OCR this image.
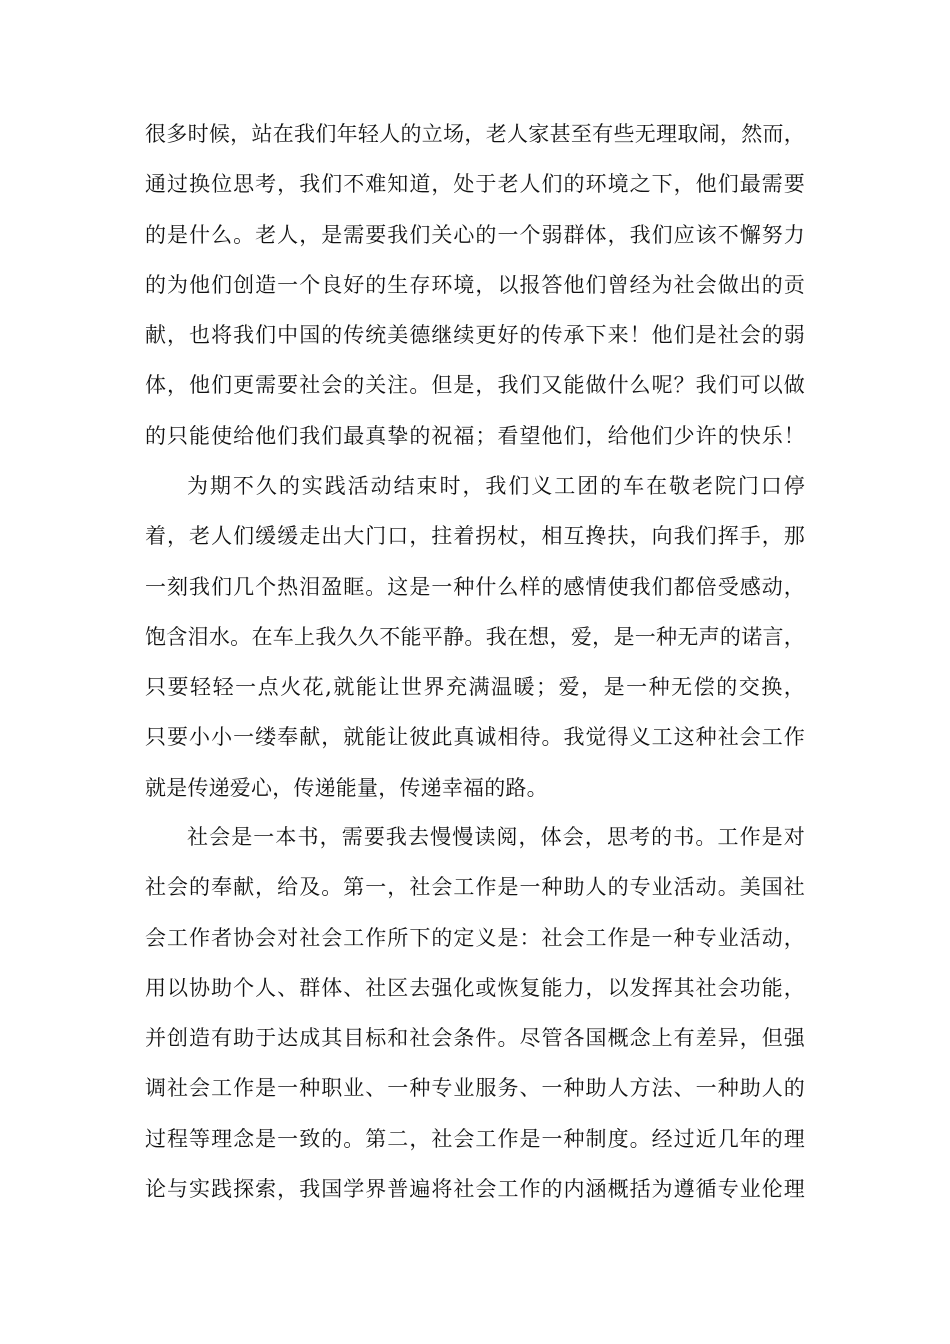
很多时候，站在我们年轻人的立场，老人家甚至有些无理取闹，然而，
通过换位思考，我们不难知道，处于老人们的环境之下，他们最需要
的是什么。老人，是需要我们关心的一个弱群体，我们应该不懈努力
的为他们创造一个良好的生存环境，以报答他们曾经为社会做出的贡
献，也将我们中国的传统美德继续更好的传承下来！他们是社会的弱
体，他们更需要社会的关注。但是，我们又能做什么呢？我们可以做
的只能使给他们我们最真挚的祝福；看望他们，给他们少许的快乐！
为期不久的实践活动结束时，我们义工团的车在敬老院门口停
着，老人们缓缓走出大门口，拄着拐杖，相互搀扶，向我们挥手，那
一刻我们几个热泪盈眶。这是一种什么样的感情使我们都倍受感动，
饱含泪水。在车上我久久不能平静。我在想，爱，是一种无声的诺言，
只要轻轻一点火花,就能让世界充满温暖；爱，是一种无偿的交换，
只要小小一缕奉献，就能让彼此真诚相待。我觉得义工这种社会工作
就是传递爱心，传递能量，传递幸福的路。
社会是一本书，需要我去慢慢读阅，体会，思考的书。工作是对
社会的奉献，给及。第一，社会工作是一种助人的专业活动。美国社
会工作者协会对社会工作所下的定义是：社会工作是一种专业活动，
用以协助个人、群体、社区去强化或恢复能力，以发挥其社会功能，
并创造有助于达成其目标和社会条件。尽管各国概念上有差异，但强
调社会工作是一种职业、一种专业服务、一种助人方法、一种助人的
过程等理念是一致的。第二，社会工作是一种制度。经过近几年的理
论与实践探索，我国学界普遍将社会工作的内涵概括为遵循专业伦理
